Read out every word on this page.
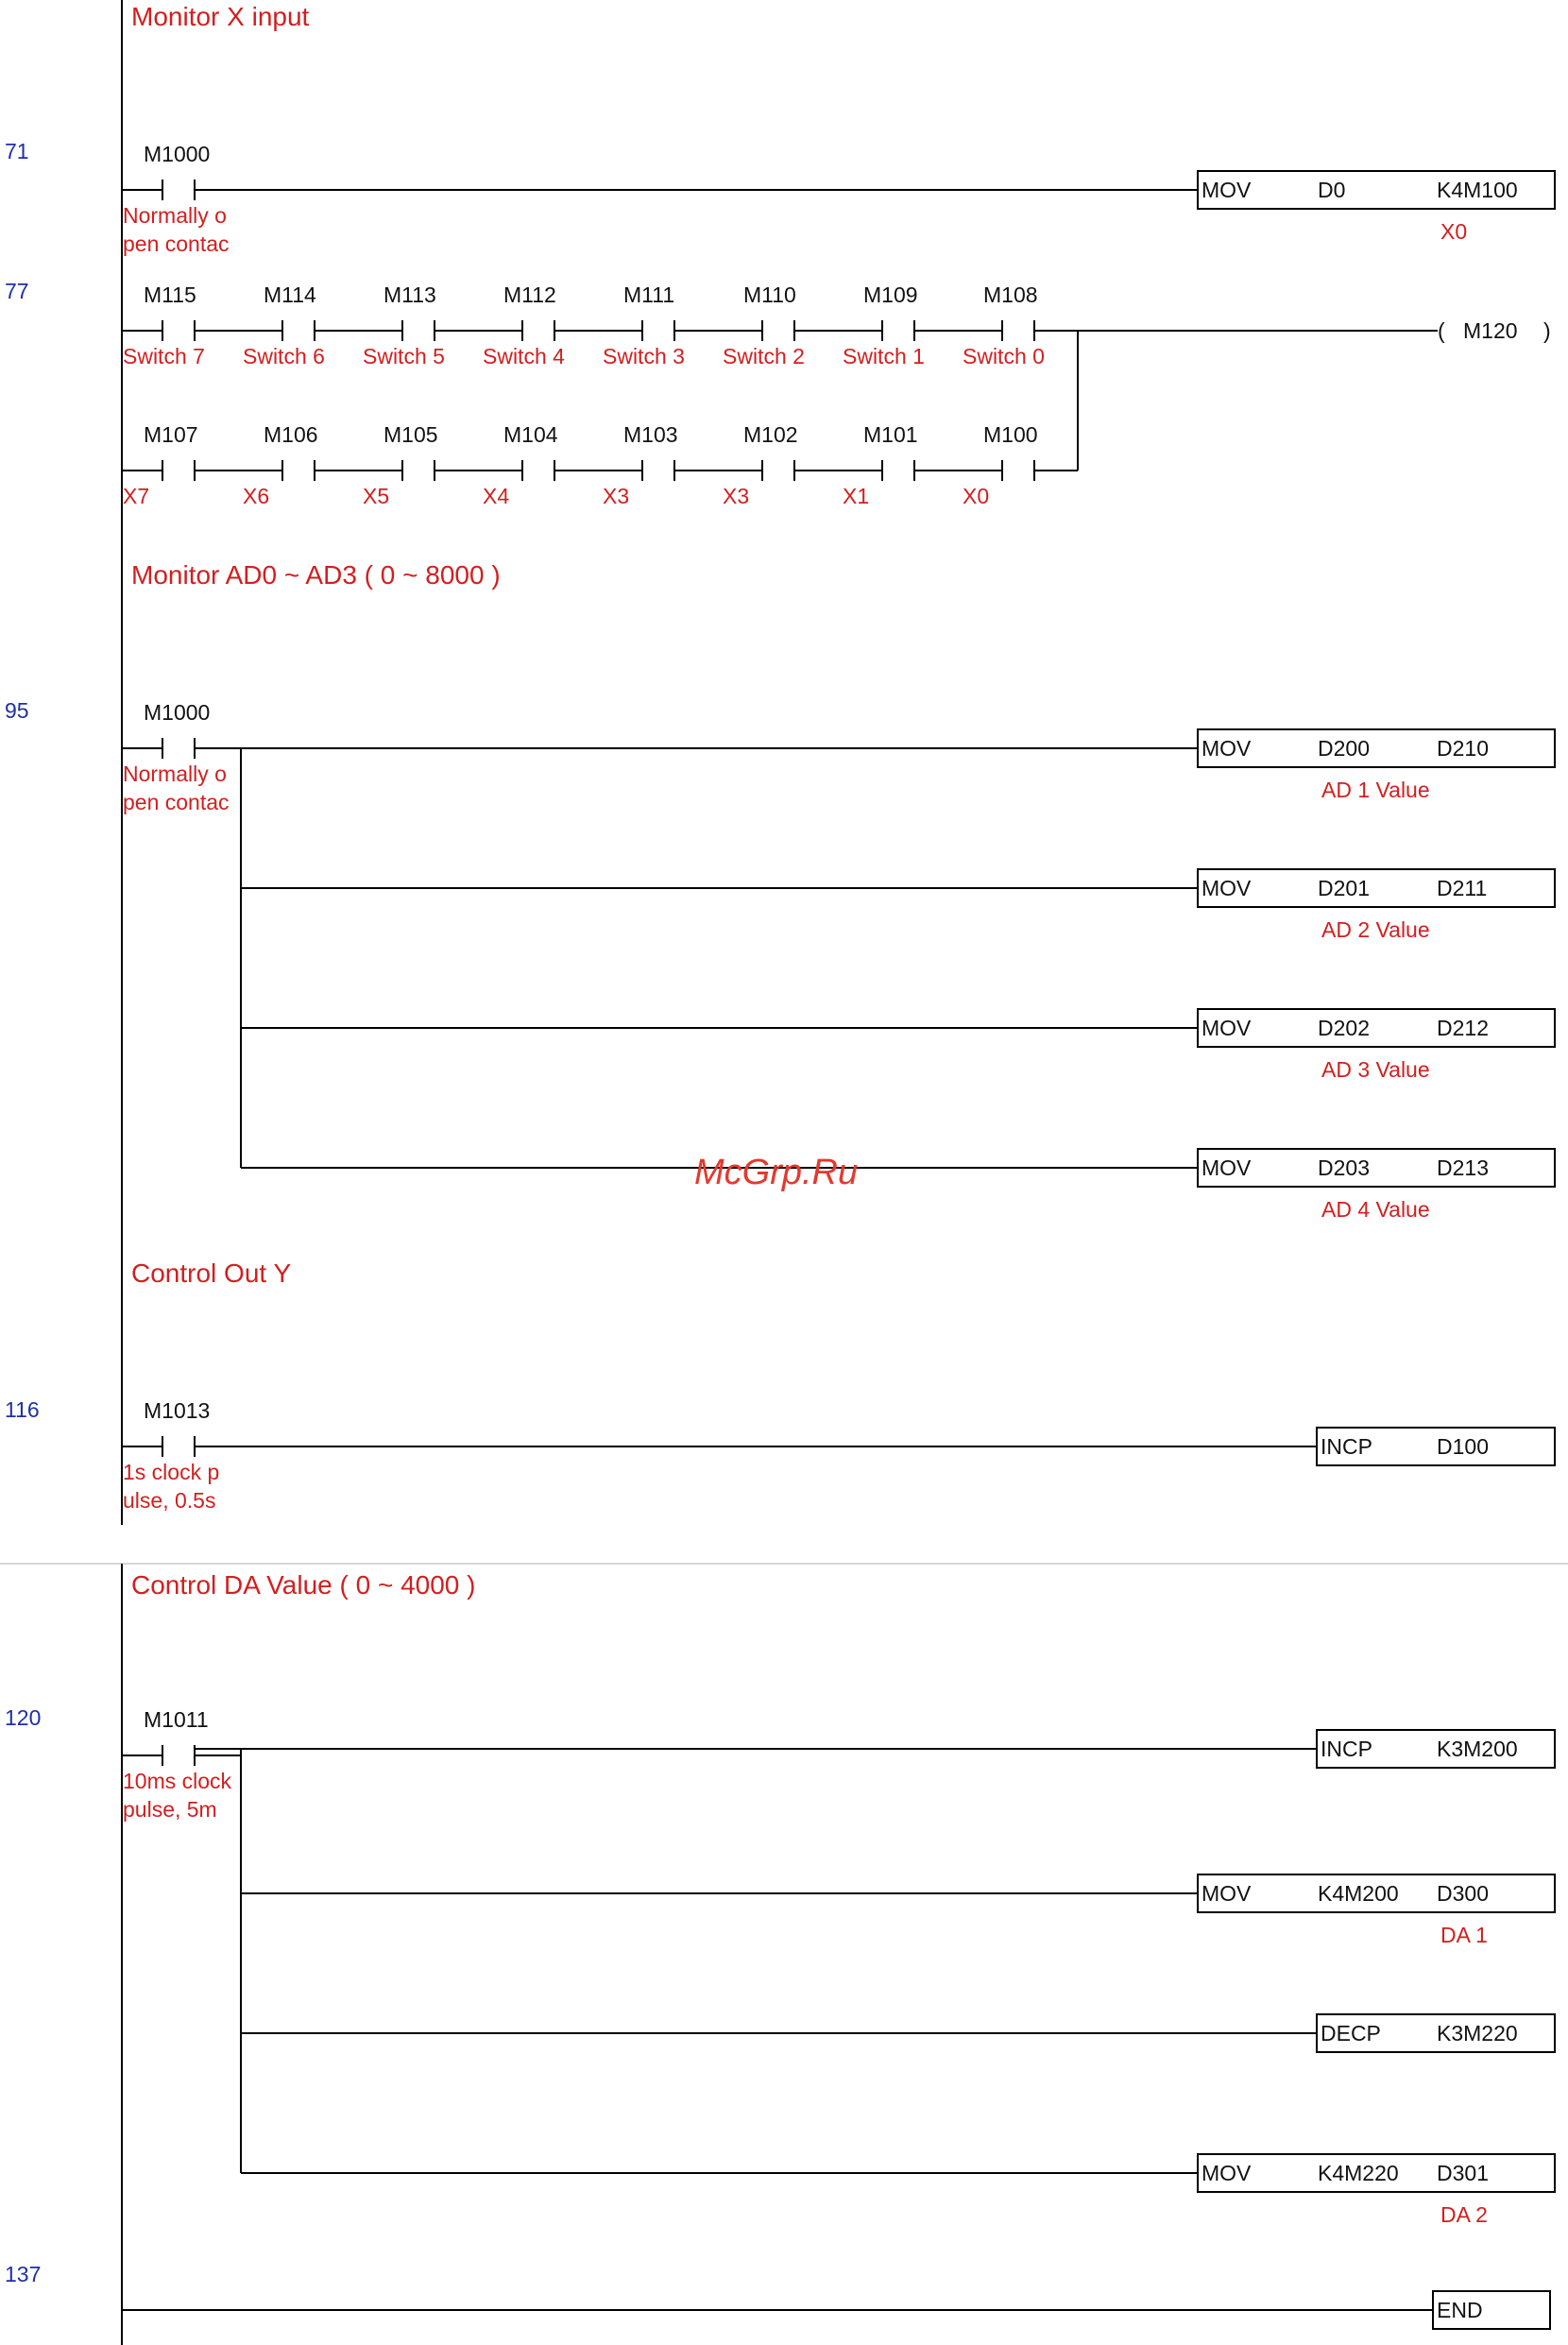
Monitor X input
Monitor AD0 ~ AD3 ( 0 ~ 8000 )
Control Out Y
Control DA Value ( 0 ~ 4000 )
71	M1000
Normally o
pen contac
MOV	D0	K4M100
X0
77	M115
Switch 7
M114
Switch 6
M113
Switch 5
M112
Switch 4
M111
Switch 3
M110
Switch 2
M109
Switch 1
M108
Switch 0
M107
X7
M106
X6
M105
X5
M104
X4
M103
X3
M102
X3
M101
X1
M100
X0
( M120 )
95	M1000
Normally o
pen contac
MOV	D200	D210
AD 1 Value
MOV	D201	D211
AD 2 Value
MOV	D202	D212
AD 3 Value
MOV	D203	D213
AD 4 Value
116	M1013
1s clock p
ulse, 0.5s
INCP	D100
120	M1011
10ms clock
pulse, 5m
INCP	K3M200
MOV	K4M200 D300
DA 1
DECP	K3M220
MOV	K4M220 D301
DA 2
137
END
McGrp.Ru
